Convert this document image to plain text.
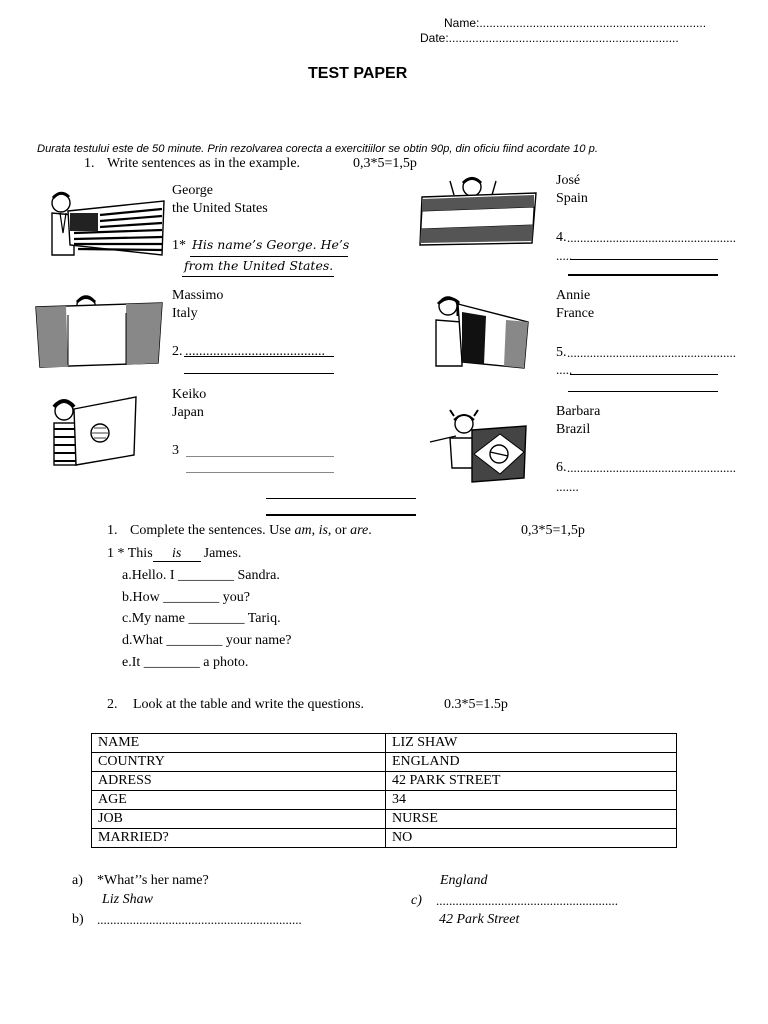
Name:....................................................................
Date:.....................................................................
TEST PAPER
Durata testului este de 50 minute. Prin rezolvarea corecta a exercitiilor se obtin 90p, din oficiu fiind acordate 10 p.
1. Write sentences as in the example.	0,3*5=1,5p
George
the United States
1* His name’s George. He’s
from the United States.
Massimo
Italy
2. ........................................
Keiko
Japan
3
José
Spain
4. ....................................................
.....
Annie
France
5. ....................................................
.....
Barbara
Brazil
6. ....................................................
.......
1. Complete the sentences. Use am, is, or are.	0,3*5=1,5p
1 * This is James.
a.Hello. I ________ Sandra.
b.How ________ you?
c.My name ________ Tariq.
d.What ________ your name?
e.It ________ a photo.
2. Look at the table and write the questions.	0.3*5=1.5p
NAME	LIZ SHAW
COUNTRY	ENGLAND
ADRESS	42 PARK STREET
AGE	34
JOB	NURSE
MARRIED?	NO
a) *What’’s her name?	England
Liz Shaw	c) ........................................................
b) ...............................................................	42 Park Street
